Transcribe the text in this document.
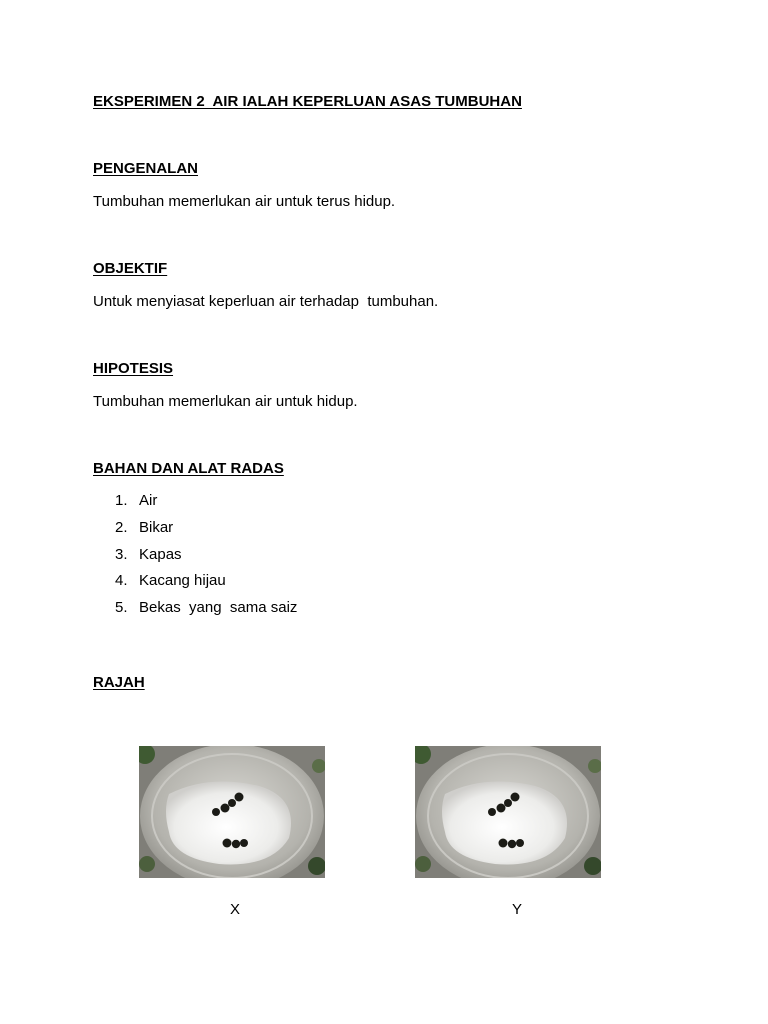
EKSPERIMEN 2  AIR IALAH KEPERLUAN ASAS TUMBUHAN
PENGENALAN
Tumbuhan memerlukan air untuk terus hidup.
OBJEKTIF
Untuk menyiasat keperluan air terhadap  tumbuhan.
HIPOTESIS
Tumbuhan memerlukan air untuk hidup.
BAHAN DAN ALAT RADAS
1. Air
2. Bikar
3. Kapas
4. Kacang hijau
5. Bekas  yang  sama saiz
RAJAH
X	Y
